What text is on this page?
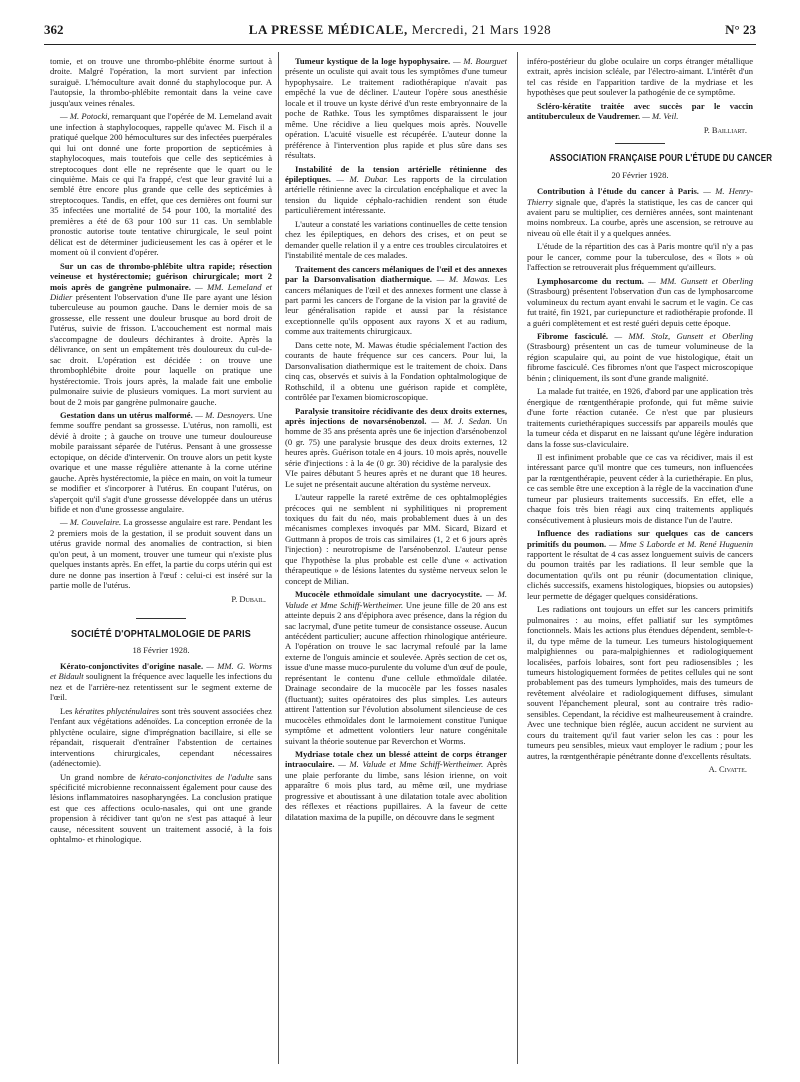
362	LA PRESSE MÉDICALE, Mercredi, 21 Mars 1928	N° 23

tomie, et on trouve une thrombo-phlébite énorme surtout à droite. Malgré l'opération, la mort survient par infection suraiguë. L'hémoculture avait donné du staphylocoque pur. A l'autopsie, la thrombo-phlébite remontait dans la veine cave jusqu'aux veines rénales.

— M. Potocki, remarquant que l'opérée de M. Lemeland avait une infection à staphylocoques, rappelle qu'avec M. Fisch il a pratiqué quelque 200 hémocultures sur des infectées puerpérales qui lui ont donné une forte proportion de septicémies à staphylocoques, mais toutefois que celle des septicémies à streptocoques dont elle ne représente que le quart ou le cinquième. Mais ce qui l'a frappé, c'est que leur gravité lui a semblé être encore plus grande que celle des septicémies à streptocoques. Tandis, en effet, que ces dernières ont fourni sur 35 infectées une mortalité de 54 pour 100, la mortalité des premières a été de 63 pour 100 sur 11 cas. Un semblable pronostic autorise toute tentative chirurgicale, le seul point délicat est de déterminer judicieusement les cas à opérer et le moment où il convient d'opérer.

Sur un cas de thrombo-phlébite ultra rapide; résection veineuse et hystérectomie; guérison chirurgicale; mort 2 mois après de gangrène pulmonaire. — MM. Lemeland et Didier présentent l'observation d'une IIe pare ayant une lésion tuberculeuse au poumon gauche. Dans le dernier mois de sa grossesse, elle ressent une douleur brusque au bord droit de l'utérus, suivie de frisson. L'accouchement est normal mais s'accompagne de douleurs déchirantes à droite. Après la délivrance, on sent un empâtement très douloureux du cul-de-sac droit. L'opération est décidée : on trouve une thrombophlébite droite pour laquelle on pratique une hystérectomie. Trois jours après, la malade fait une embolie pulmonaire suivie de plusieurs vomiques. La mort survient au bout de 2 mois par gangrène pulmonaire gauche.

Gestation dans un utérus malformé. — M. Desnoyers. Une femme souffre pendant sa grossesse. L'utérus, non ramolli, est dévié à droite ; à gauche on trouve une tumeur douloureuse mobile paraissant séparée de l'utérus. Pensant à une grossesse ectopique, on décide d'intervenir. On trouve alors un petit kyste ovarique et une masse régulière attenante à la corne utérine gauche. Après hystérectomie, la pièce en main, on voit la tumeur se modifier et s'incorporer à l'utérus. En coupant l'utérus, on s'aperçoit qu'il s'agit d'une grossesse développée dans un utérus bifide et non d'une grossesse angulaire.

— M. Couvelaire. La grossesse angulaire est rare. Pendant les 2 premiers mois de la gestation, il se produit souvent dans un utérus gravide normal des anomalies de contraction, si bien qu'on peut, à un moment, trouver une tumeur qui n'existe plus quelques instants après. En effet, la partie du corps utérin qui est dure ne donne pas insertion à l'œuf : celui-ci est inséré sur la partie molle de l'utérus.

P. Dubail.
SOCIÉTÉ D'OPHTALMOLOGIE DE PARIS
18 Février 1928.

Kérato-conjonctivites d'origine nasale. — MM. G. Worms et Bidault soulignent la fréquence avec laquelle les infections du nez et de l'arrière-nez retentissent sur le segment externe de l'œil.

Les kératites phlycténulaires sont très souvent associées chez l'enfant aux végétations adénoïdes. La conception erronée de la phlyctène oculaire, signe d'imprégnation bacillaire, si elle se répandait, risquerait d'entraîner l'abstention de certaines interventions chirurgicales, cependant nécessaires (adénectomie).

Un grand nombre de kérato-conjonctivites de l'adulte sans spécificité microbienne reconnaissent également pour cause des lésions inflammatoires nasopharyngées. La conclusion pratique est que ces affections oculo-nasales, qui ont une grande propension à récidiver tant qu'on ne s'est pas attaqué à leur cause, nécessitent souvent un traitement associé, à la fois ophtalmo- et rhinologique.

Tumeur kystique de la loge hypophysaire. — M. Bourguet présente un oculiste qui avait tous les symptômes d'une tumeur hypophysaire. Le traitement radiothérapique n'avait pas empêché la vue de décliner. L'auteur l'opère sous anesthésie locale et il trouve un kyste dérivé d'un reste embryonnaire de la poche de Rathke. Tous les symptômes disparaissent le jour même. Une récidive a lieu quelques mois après. Nouvelle opération. L'acuité visuelle est récupérée. L'auteur donne la préférence à l'intervention plus rapide et plus sûre dans ses résultats.

Instabilité de la tension artérielle rétinienne des épileptiques. — M. Dubar. Les rapports de la circulation artérielle rétinienne avec la circulation encéphalique et avec la tension du liquide céphalo-rachidien rendent son étude particulièrement intéressante.

L'auteur a constaté les variations continuelles de cette tension chez les épileptiques, en dehors des crises, et on peut se demander quelle relation il y a entre ces troubles circulatoires et l'instabilité mentale de ces malades.

Traitement des cancers mélaniques de l'œil et des annexes par la Darsonvalisation diathermique. — M. Mawas. Les cancers mélaniques de l'œil et des annexes forment une classe à part parmi les cancers de l'organe de la vision par la gravité de leur généralisation rapide et aussi par la résistance exceptionnelle qu'ils opposent aux rayons X et au radium, comme aux traitements chirurgicaux.

Dans cette note, M. Mawas étudie spécialement l'action des courants de haute fréquence sur ces cancers. Pour lui, la Darsonvalisation diathermique est le traitement de choix. Dans cinq cas, observés et suivis à la Fondation ophtalmologique de Rothschild, il a obtenu une guérison rapide et complète, contrôlée par l'examen biomicroscopique.

Paralysie transitoire récidivante des deux droits externes, après injections de novarsénobenzol. — M. J. Sedan. Un homme de 35 ans présenta après une 6e injection d'arsénobenzol (0 gr. 75) une paralysie brusque des deux droits externes, 12 heures après. Guérison totale en 4 jours. 10 mois après, nouvelle série d'injections : à la 4e (0 gr. 30) récidive de la paralysie des VIe paires débutant 5 heures après et ne durant que 18 heures. Le sujet ne présentait aucune altération du système nerveux.

L'auteur rappelle la rareté extrême de ces ophtalmoplégies précoces qui ne semblent ni syphilitiques ni proprement toxiques du fait du néo, mais probablement dues à un des mécanismes complexes invoqués par MM. Sicard, Bizard et Guttmann à propos de trois cas similaires (1, 2 et 6 jours après l'injection) : neurotropisme de l'arsénobenzol. L'auteur pense que l'hypothèse la plus probable est celle d'une « activation thérapeutique » de lésions latentes du système nerveux selon le concept de Milian.

Mucocèle ethmoïdale simulant une dacryocystite. — M. Valude et Mme Schiff-Wertheimer. Une jeune fille de 20 ans est atteinte depuis 2 ans d'épiphora avec présence, dans la région du sac lacrymal, d'une petite tumeur de consistance osseuse. Aucun antécédent particulier; aucune affection rhinologique antérieure. A l'opération on trouve le sac lacrymal refoulé par la lame externe de l'onguis amincie et soulevée. Après section de cet os, issue d'une masse muco-purulente du volume d'un œuf de poule, représentant le contenu d'une cellule ethmoïdale dilatée. Drainage secondaire de la mucocèle par les fosses nasales (fluctuant); suites opératoires des plus simples. Les auteurs attirent l'attention sur l'évolution absolument silencieuse de ces mucocèles ethmoïdales dont le larmoiement constitue l'unique symptôme et admettent volontiers leur nature congénitale suivant la théorie soutenue par Reverchon et Worms.

Mydriase totale chez un blessé atteint de corps étranger intraoculaire. — M. Valude et Mme Schiff-Wertheimer. Après une plaie perforante du limbe, sans lésion irienne, on voit apparaître 6 mois plus tard, au même œil, une mydriase progressive et aboutissant à une dilatation totale avec abolition des réflexes et réactions pupillaires. A la faveur de cette dilatation maxima de la pupille, on découvre dans le segment

inféro-postérieur du globe oculaire un corps étranger métallique extrait, après incision scléale, par l'électro-aimant. L'intérêt d'un tel cas réside en l'apparition tardive de la mydriase et les hypothèses que peut soulever la pathogénie de ce symptôme.

Scléro-kératite traitée avec succès par le vaccin antituberculeux de Vaudremer. — M. Veil.

P. Bailliart.
ASSOCIATION FRANÇAISE POUR L'ÉTUDE DU CANCER
20 Février 1928.

Contribution à l'étude du cancer à Paris. — M. Henry-Thierry signale que, d'après la statistique, les cas de cancer qui avaient paru se multiplier, ces dernières années, sont maintenant moins nombreux. La courbe, après une ascension, se retrouve au niveau où elle était il y a quelques années.

L'étude de la répartition des cas à Paris montre qu'il n'y a pas pour le cancer, comme pour la tuberculose, des « îlots » où l'affection se retrouverait plus fréquemment qu'ailleurs.

Lymphosarcome du rectum. — MM. Gunsett et Oberling (Strasbourg) présentent l'observation d'un cas de lymphosarcome volumineux du rectum ayant envahi le sacrum et le vagin. Ce cas fut traité, fin 1921, par curiepuncture et radiothérapie profonde. Il a guéri complètement et est resté guéri depuis cette époque.

Fibrome fasciculé. — MM. Stolz, Gunsett et Oberling (Strasbourg) présentent un cas de tumeur volumineuse de la région scapulaire qui, au point de vue histologique, était un fibrome fasciculé. Ces fibromes n'ont que l'aspect microscopique bénin ; cliniquement, ils sont d'une grande malignité.

La malade fut traitée, en 1926, d'abord par une application très énergique de rœntgenthérapie profonde, qui fut même suivie d'une forte réaction cutanée. Ce n'est que par plusieurs traitements curiethérapiques successifs par appareils moulés que la tumeur céda et disparut en ne laissant qu'une légère induration dans la fosse sus-claviculaire.

Il est infiniment probable que ce cas va récidiver, mais il est intéressant parce qu'il montre que ces tumeurs, non influencées par la rœntgenthérapie, peuvent céder à la curiethérapie. En plus, ce cas semble être une exception à la règle de la vaccination d'une tumeur par plusieurs traitements successifs. En effet, elle a chaque fois très bien réagi aux cinq traitements appliqués consécutivement à plusieurs mois de distance l'un de l'autre.

Influence des radiations sur quelques cas de cancers primitifs du poumon. — Mme S Laborde et M. René Huguenin rapportent le résultat de 4 cas assez longuement suivis de cancers du poumon traités par les radiations. Il leur semble que la documentation qu'ils ont pu réunir (documentation clinique, clichés successifs, examens histologiques, biopsies ou autopsies) leur permette de dégager quelques considérations.

Les radiations ont toujours un effet sur les cancers primitifs pulmonaires : au moins, effet palliatif sur les symptômes fonctionnels. Mais les actions plus étendues dépendent, semble-t-il, du type même de la tumeur. Les tumeurs histologiquement malpighiennes ou para-malpighiennes et radiologiquement localisées, parfois lobaires, sont fort peu radiosensibles ; les tumeurs histologiquement formées de petites cellules qui ne sont probablement pas des tumeurs lymphoïdes, mais des tumeurs de revêtement alvéolaire et radiologiquement diffuses, simulant souvent l'épanchement pleural, sont au contraire très radio-sensibles. Cependant, la récidive est malheureusement à craindre. Avec une technique bien réglée, aucun accident ne survient au cours du traitement qu'il faut varier selon les cas : pour les tumeurs peu sensibles, mieux vaut employer le radium ; pour les autres, la rœntgenthérapie pénétrante donne d'excellents résultats.

A. Civatte.
